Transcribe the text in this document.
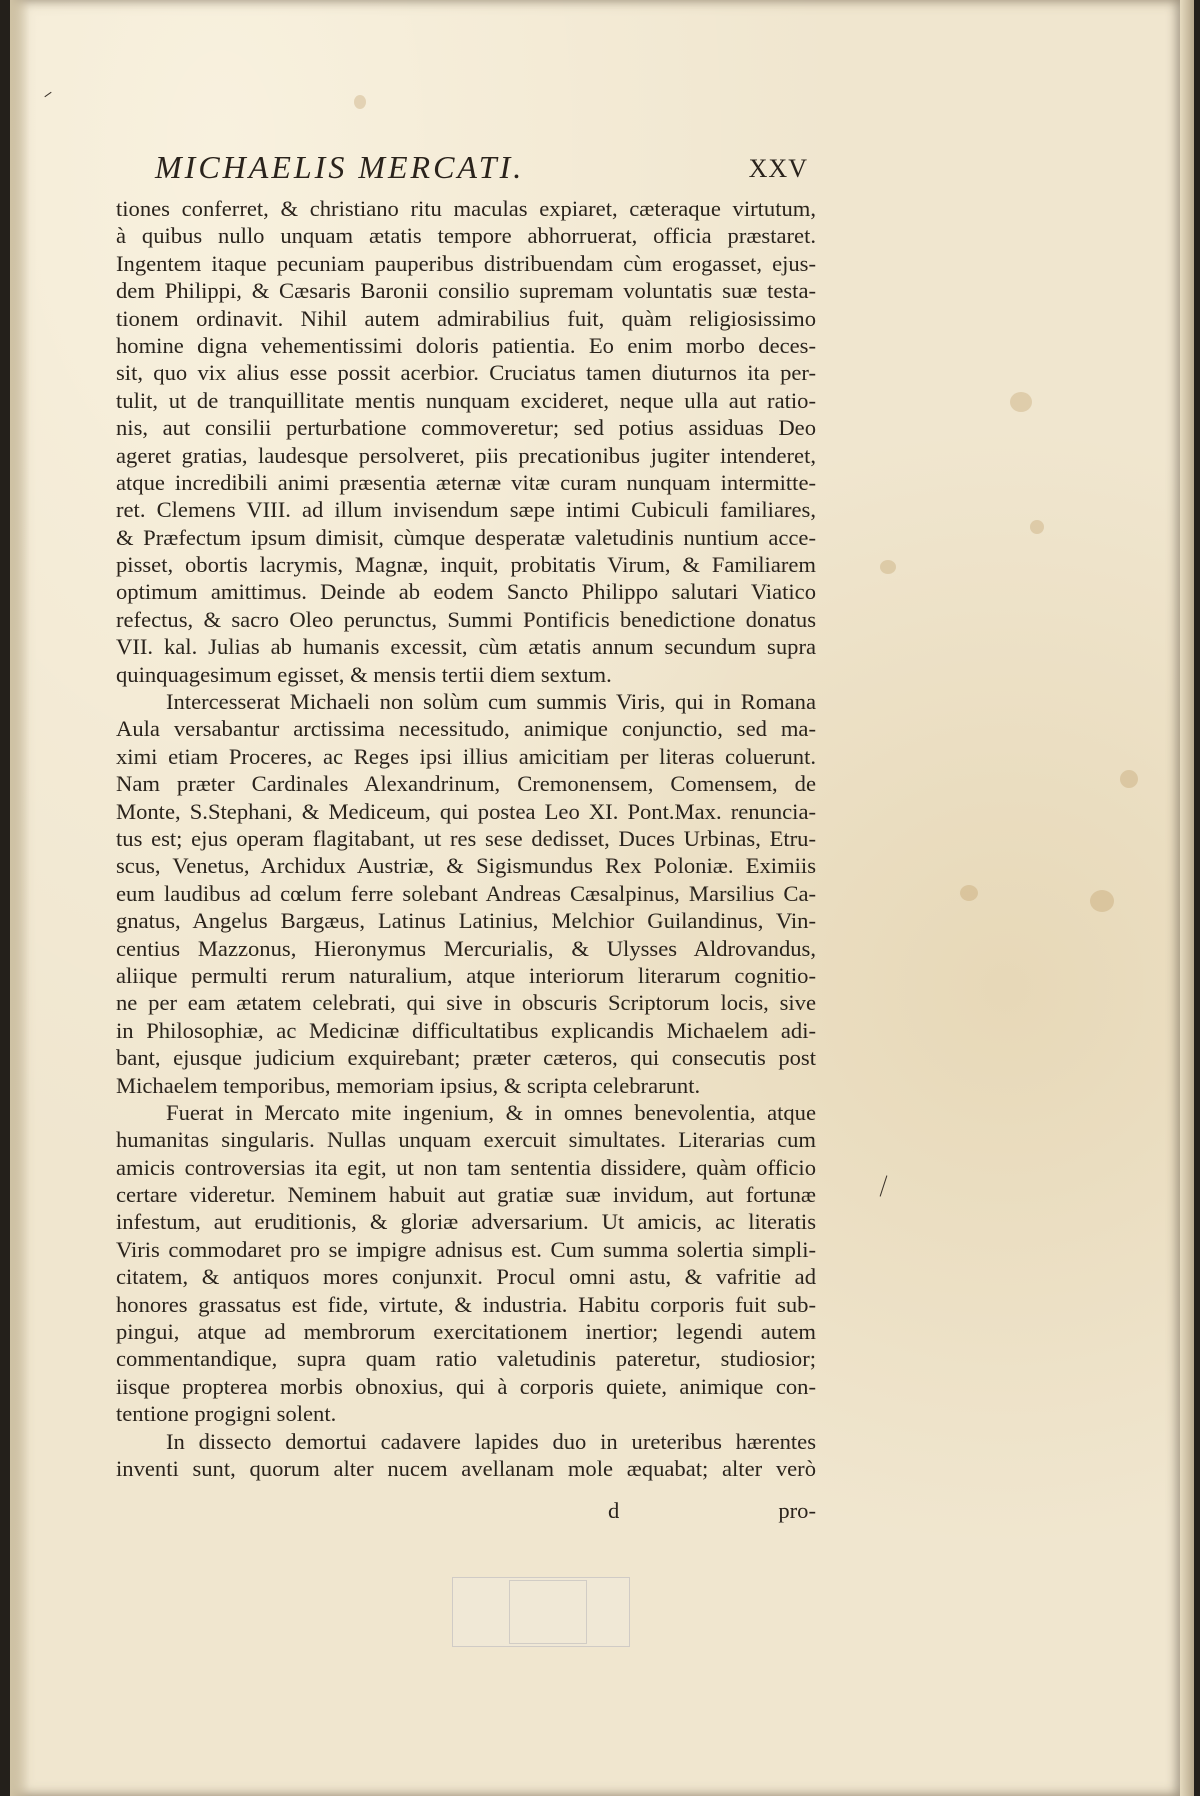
MICHAELIS MERCATI.	XXV
tiones conferret, & christiano ritu maculas expiaret, cæteraque virtutum,
à quibus nullo unquam ætatis tempore abhorruerat, officia præstaret.
Ingentem itaque pecuniam pauperibus distribuendam cùm erogasset, ejus-
dem Philippi, & Cæsaris Baronii consilio supremam voluntatis suæ testa-
tionem ordinavit. Nihil autem admirabilius fuit, quàm religiosissimo
homine digna vehementissimi doloris patientia. Eo enim morbo deces-
sit, quo vix alius esse possit acerbior. Cruciatus tamen diuturnos ita per-
tulit, ut de tranquillitate mentis nunquam excideret, neque ulla aut ratio-
nis, aut consilii perturbatione commoveretur; sed potius assiduas Deo
ageret gratias, laudesque persolveret, piis precationibus jugiter intenderet,
atque incredibili animi præsentia æternæ vitæ curam nunquam intermitte-
ret. Clemens VIII. ad illum invisendum sæpe intimi Cubiculi familiares,
& Præfectum ipsum dimisit, cùmque desperatæ valetudinis nuntium acce-
pisset, obortis lacrymis, Magnæ, inquit, probitatis Virum, & Familiarem
optimum amittimus. Deinde ab eodem Sancto Philippo salutari Viatico
refectus, & sacro Oleo perunctus, Summi Pontificis benedictione donatus
VII. kal. Julias ab humanis excessit, cùm ætatis annum secundum supra
quinquagesimum egisset, & mensis tertii diem sextum.
Intercesserat Michaeli non solùm cum summis Viris, qui in Romana
Aula versabantur arctissima necessitudo, animique conjunctio, sed ma-
ximi etiam Proceres, ac Reges ipsi illius amicitiam per literas coluerunt.
Nam præter Cardinales Alexandrinum, Cremonensem, Comensem, de
Monte, S.Stephani, & Mediceum, qui postea Leo XI. Pont.Max. renuncia-
tus est; ejus operam flagitabant, ut res sese dedisset, Duces Urbinas, Etru-
scus, Venetus, Archidux Austriæ, & Sigismundus Rex Poloniæ. Eximiis
eum laudibus ad cœlum ferre solebant Andreas Cæsalpinus, Marsilius Ca-
gnatus, Angelus Bargæus, Latinus Latinius, Melchior Guilandinus, Vin-
centius Mazzonus, Hieronymus Mercurialis, & Ulysses Aldrovandus,
aliique permulti rerum naturalium, atque interiorum literarum cognitio-
ne per eam ætatem celebrati, qui sive in obscuris Scriptorum locis, sive
in Philosophiæ, ac Medicinæ difficultatibus explicandis Michaelem adi-
bant, ejusque judicium exquirebant; præter cæteros, qui consecutis post
Michaelem temporibus, memoriam ipsius, & scripta celebrarunt.
Fuerat in Mercato mite ingenium, & in omnes benevolentia, atque
humanitas singularis. Nullas unquam exercuit simultates. Literarias cum
amicis controversias ita egit, ut non tam sententia dissidere, quàm officio
certare videretur. Neminem habuit aut gratiæ suæ invidum, aut fortunæ
infestum, aut eruditionis, & gloriæ adversarium. Ut amicis, ac literatis
Viris commodaret pro se impigre adnisus est. Cum summa solertia simpli-
citatem, & antiquos mores conjunxit. Procul omni astu, & vafritie ad
honores grassatus est fide, virtute, & industria. Habitu corporis fuit sub-
pingui, atque ad membrorum exercitationem inertior; legendi autem
commentandique, supra quam ratio valetudinis pateretur, studiosior;
iisque propterea morbis obnoxius, qui à corporis quiete, animique con-
tentione progigni solent.
In dissecto demortui cadavere lapides duo in ureteribus hærentes
inventi sunt, quorum alter nucem avellanam mole æquabat; alter verò
d	pro-
